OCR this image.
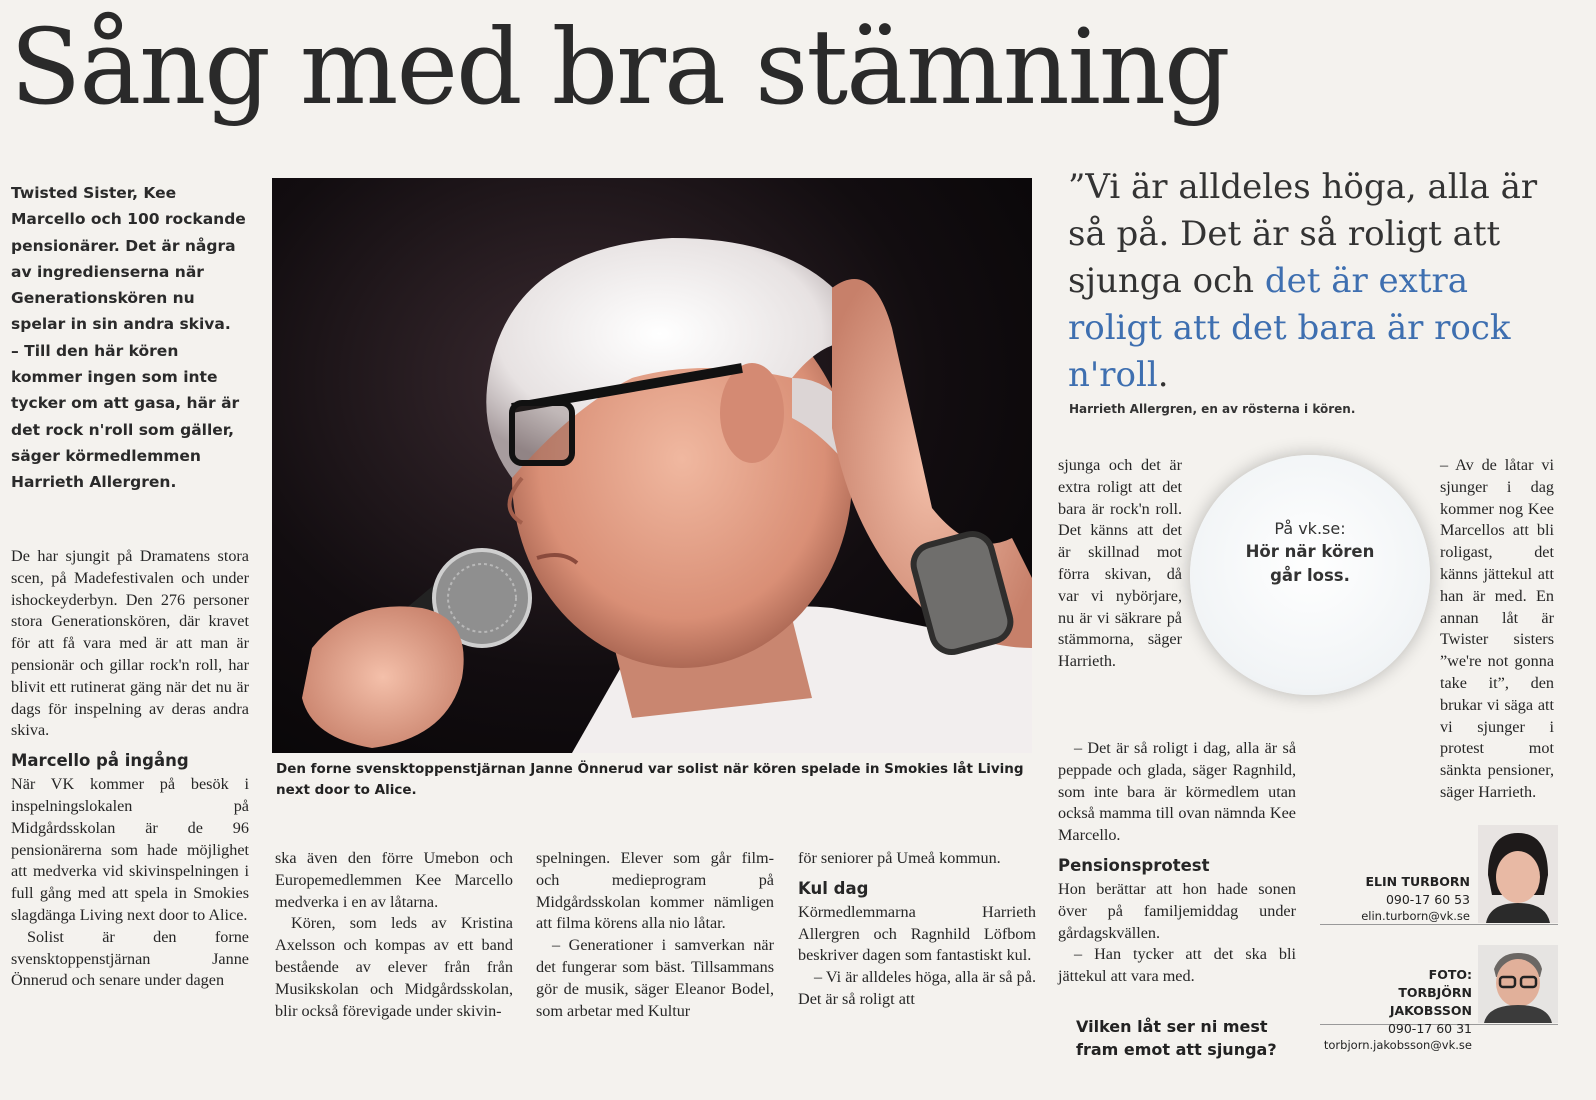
Sång med bra stämning

Twisted Sister, Kee Marcello och 100 rockande pensionärer. Det är några av ingredienserna när Generationskören nu spelar in sin andra skiva.

– Till den här kören kommer ingen som inte tycker om att gasa, här är det rock n'roll som gäller, säger körmedlemmen Harrieth Allergren.

De har sjungit på Dramatens stora scen, på Madefestivalen och under ishockeyderbyn. Den 276 personer stora Generationskören, där kravet för att få vara med är att man är pensionär och gillar rock'n roll, har blivit ett rutinerat gäng när det nu är dags för inspelning av deras andra skiva.

Marcello på ingång

När VK kommer på besök i inspelningslokalen på Midgårdsskolan är de 96 pensionärerna som hade möjlighet att medverka vid skivinspelningen i full gång med att spela in Smokies slagdänga Living next door to Alice.

Solist är den forne svensktoppenstjärnan Janne Önnerud och senare under dagen

Den forne svensktoppenstjärnan Janne Önnerud var solist när kören spelade in Smokies låt Living next door to Alice.

ska även den förre Umebon och Europemedlemmen Kee Marcello medverka i en av låtarna.

Kören, som leds av Kristina Axelsson och kompas av ett band bestående av elever från från Musikskolan och Midgårdsskolan, blir också förevigade under skivin-

spelningen. Elever som går film- och medieprogram på Midgårdsskolan kommer nämligen att filma körens alla nio låtar.

– Generationer i samverkan när det fungerar som bäst. Tillsammans gör de musik, säger Eleanor Bodel, som arbetar med Kultur

för seniorer på Umeå kommun.

Kul dag

Körmedlemmarna Harrieth Allergren och Ragnhild Löfbom beskriver dagen som fantastiskt kul.

– Vi är alldeles höga, alla är så på. Det är så roligt att

”Vi är alldeles höga, alla är så på. Det är så roligt att sjunga och det är extra roligt att det bara är rock n'roll.
Harrieth Allergren, en av rösterna i kören.

sjunga och det är extra roligt att det bara är rock'n roll. Det känns att det är skillnad mot förra skivan, då var vi nybörjare, nu är vi säkrare på stämmorna, säger Harrieth.

– Det är så roligt i dag, alla är så peppade och glada, säger Ragnhild, som inte bara är körmedlem utan också mamma till ovan nämnda Kee Marcello.

Pensionsprotest

Hon berättar att hon hade sonen över på familjemiddag under gårdagskvällen.

– Han tycker att det ska bli jättekul att vara med.

Vilken låt ser ni mest fram emot att sjunga?
På vk.se:
Hör när kören går loss.

– Av de låtar vi sjunger i dag kommer nog Kee Marcellos att bli roligast, det känns jättekul att han är med. En annan låt är Twister sisters ”we're not gonna take it”, den brukar vi säga att vi sjunger i protest mot sänkta pensioner, säger Harrieth.

ELIN TURBORN
090-17 60 53
elin.turborn@vk.se
FOTO:
TORBJÖRN JAKOBSSON
090-17 60 31
torbjorn.jakobsson@vk.se
